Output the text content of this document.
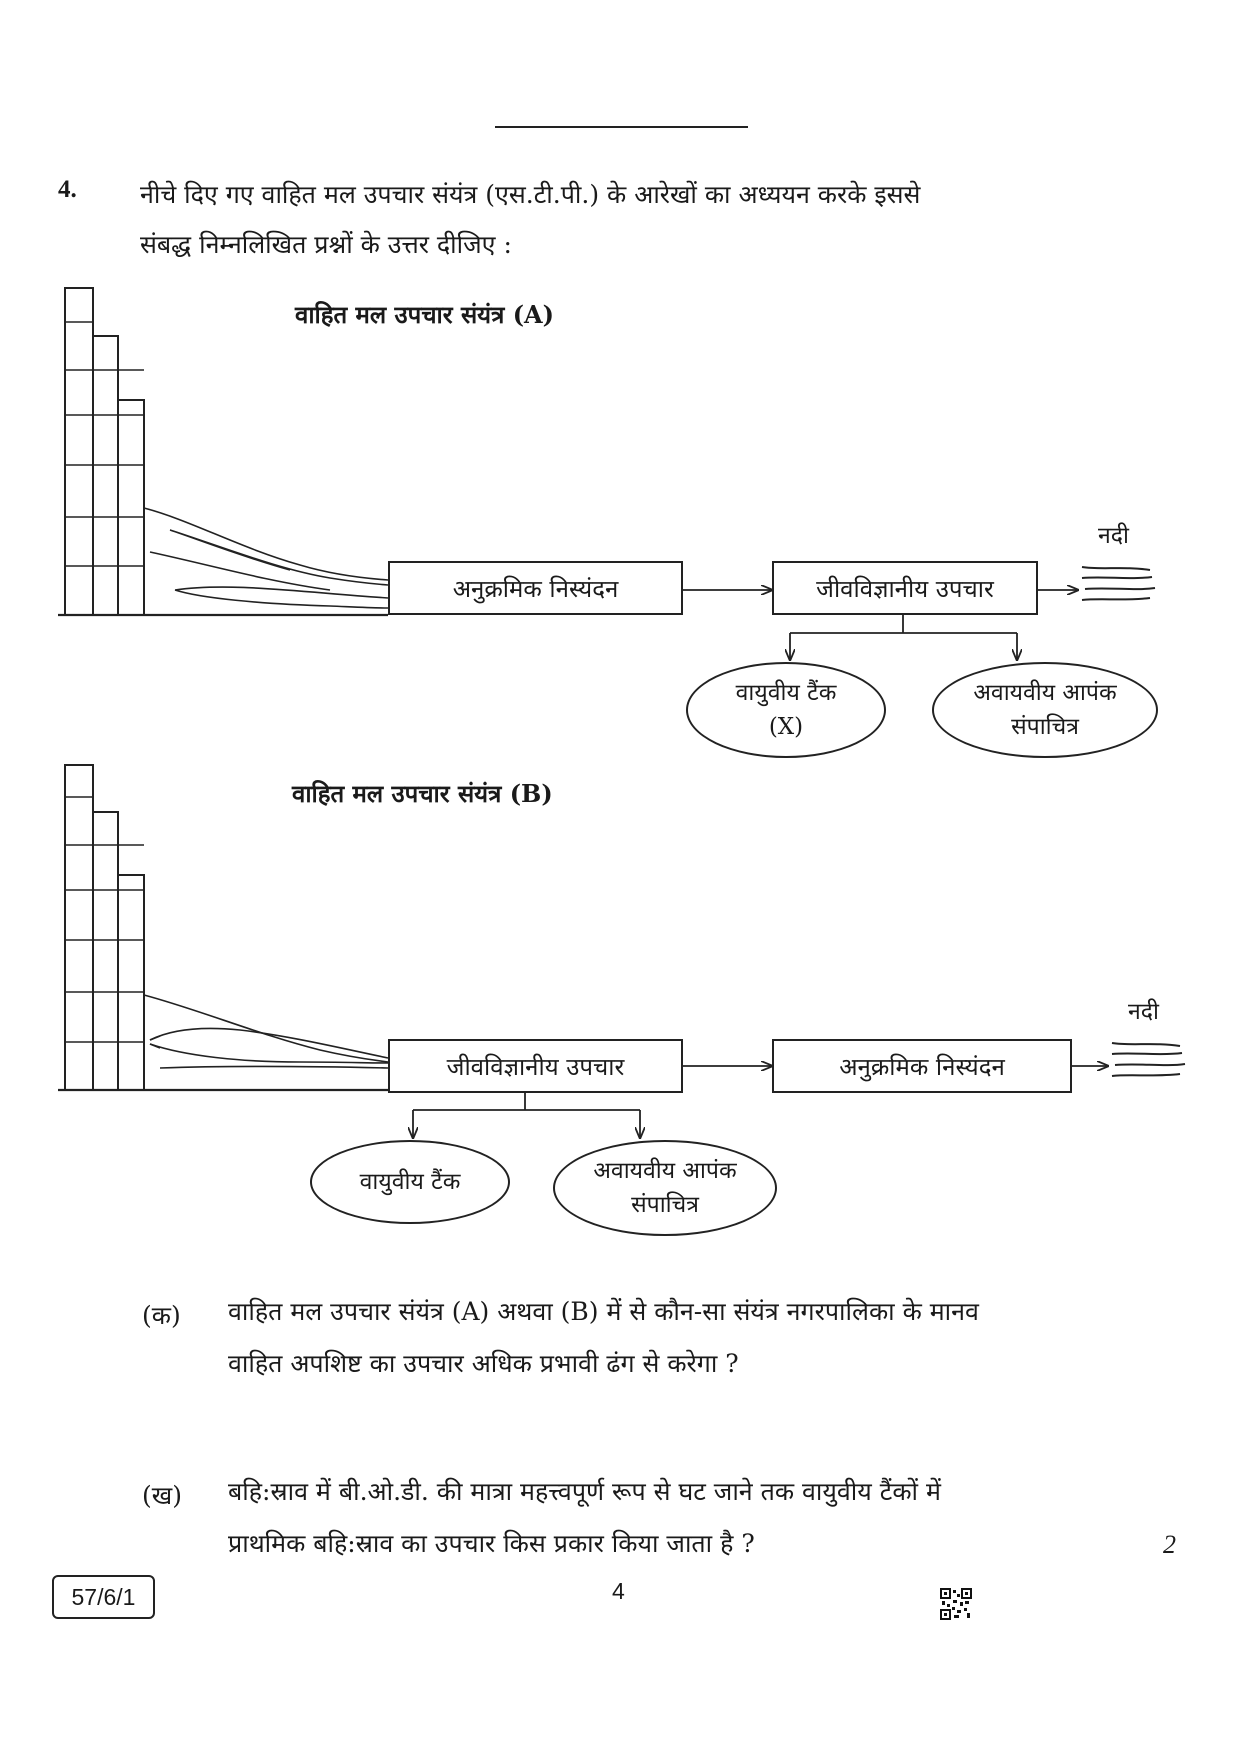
4.	नीचे दिए गए वाहित मल उपचार संयंत्र (एस.टी.पी.) के आरेखों का अध्ययन करके इससे
संबद्ध निम्नलिखित प्रश्नों के उत्तर दीजिए :
वाहित मल उपचार संयंत्र (A)
अनुक्रमिक निस्यंदन	जीवविज्ञानीय उपचार
नदी
वायुवीय टैंक
(X)
अवायवीय आपंक
संपाचित्र
वाहित मल उपचार संयंत्र (B)
जीवविज्ञानीय उपचार	अनुक्रमिक निस्यंदन
नदी
वायुवीय टैंक	अवायवीय आपंक
संपाचित्र
(क) वाहित मल उपचार संयंत्र (A) अथवा (B) में से कौन-सा संयंत्र नगरपालिका के मानव
वाहित अपशिष्ट का उपचार अधिक प्रभावी ढंग से करेगा ?
(ख) बहि:स्राव में बी.ओ.डी. की मात्रा महत्त्वपूर्ण रूप से घट जाने तक वायुवीय टैंकों में
प्राथमिक बहि:स्राव का उपचार किस प्रकार किया जाता है ?	2
57/6/1	4
